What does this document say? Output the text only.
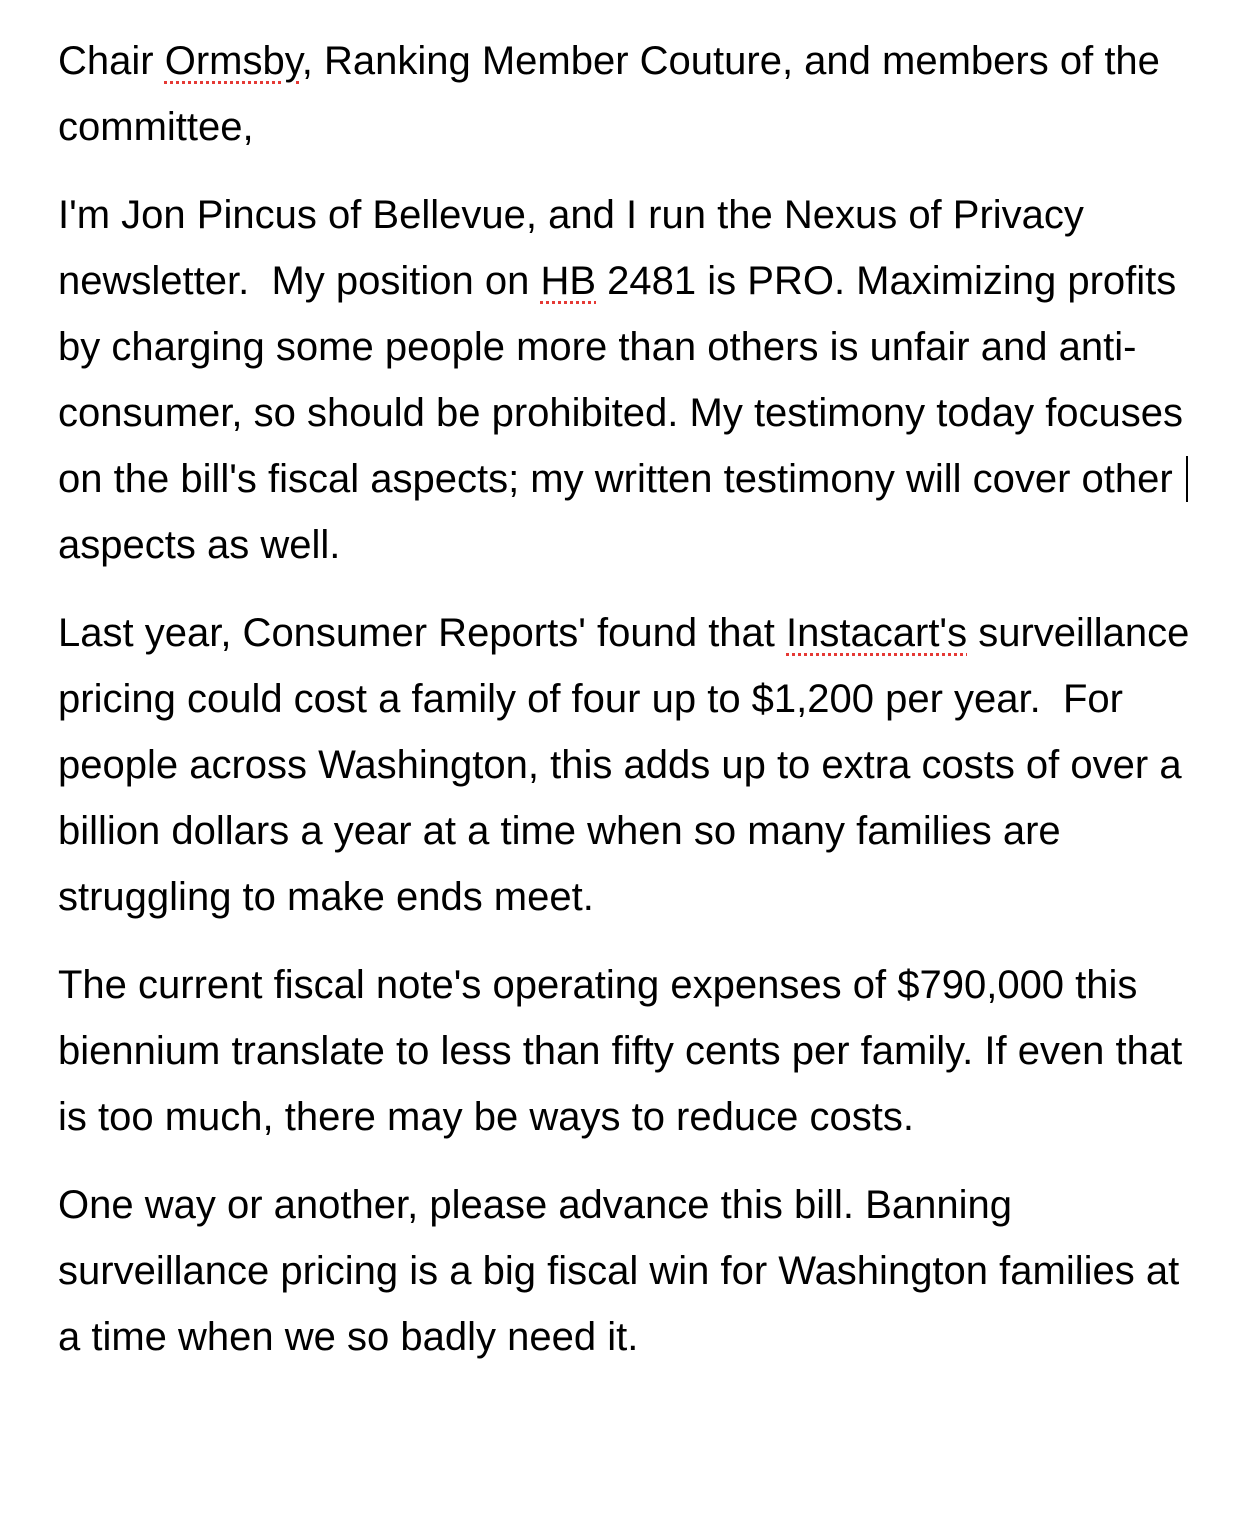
Chair Ormsby, Ranking Member Couture, and members of the committee,

I'm Jon Pincus of Bellevue, and I run the Nexus of Privacy newsletter.  My position on HB 2481 is PRO. Maximizing profits by charging some people more than others is unfair and anti-consumer, so should be prohibited. My testimony today focuses on the bill's fiscal aspects; my written testimony will cover other aspects as well.

Last year, Consumer Reports' found that Instacart's surveillance pricing could cost a family of four up to $1,200 per year.  For people across Washington, this adds up to extra costs of over a billion dollars a year at a time when so many families are struggling to make ends meet.

The current fiscal note's operating expenses of $790,000 this biennium translate to less than fifty cents per family. If even that is too much, there may be ways to reduce costs.

One way or another, please advance this bill. Banning surveillance pricing is a big fiscal win for Washington families at a time when we so badly need it.
